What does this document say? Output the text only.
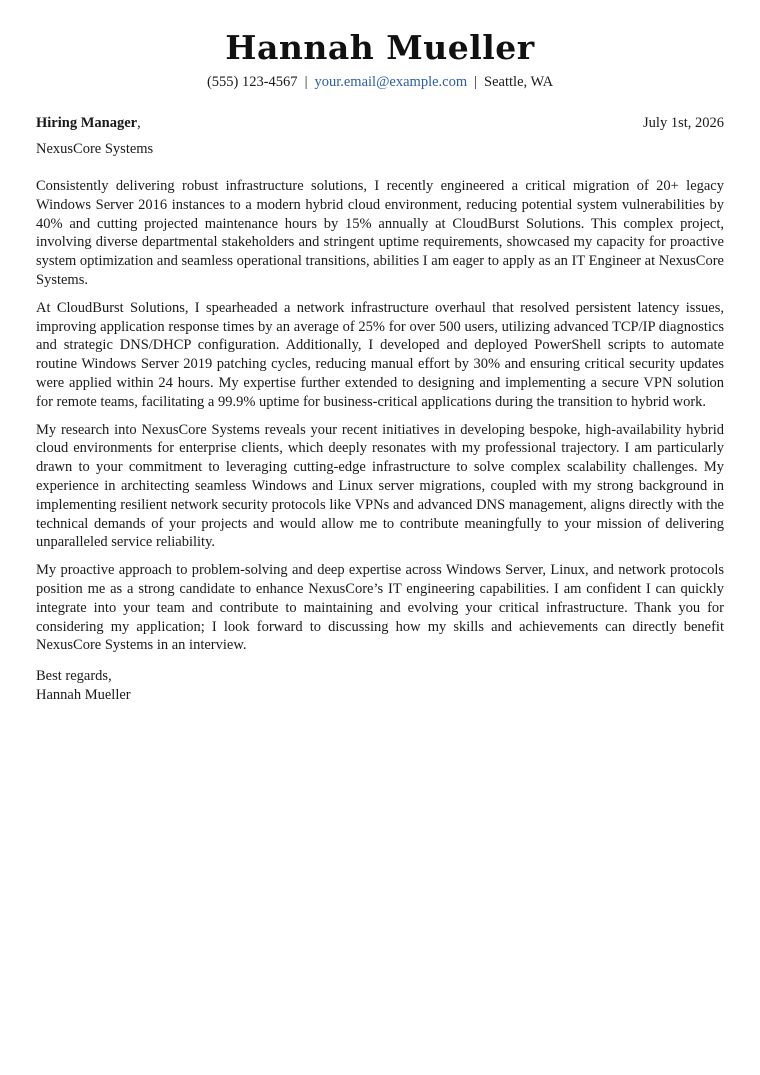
Hannah Mueller
(555) 123-4567 | your.email@example.com | Seattle, WA
Hiring Manager,	July 1st, 2026
NexusCore Systems

Consistently delivering robust infrastructure solutions, I recently engineered a critical migration of 20+ legacy Windows Server 2016 instances to a modern hybrid cloud environment, reducing potential system vulnerabilities by 40% and cutting projected maintenance hours by 15% annually at CloudBurst Solutions. This complex project, involving diverse departmental stakeholders and stringent uptime requirements, showcased my capacity for proactive system optimization and seamless operational transitions, abilities I am eager to apply as an IT Engineer at NexusCore Systems.

At CloudBurst Solutions, I spearheaded a network infrastructure overhaul that resolved persistent latency issues, improving application response times by an average of 25% for over 500 users, utilizing advanced TCP/IP diagnostics and strategic DNS/DHCP configuration. Additionally, I developed and deployed PowerShell scripts to automate routine Windows Server 2019 patching cycles, reducing manual effort by 30% and ensuring critical security updates were applied within 24 hours. My expertise further extended to designing and implementing a secure VPN solution for remote teams, facilitating a 99.9% uptime for business-critical applications during the transition to hybrid work.

My research into NexusCore Systems reveals your recent initiatives in developing bespoke, high-availability hybrid cloud environments for enterprise clients, which deeply resonates with my professional trajectory. I am particularly drawn to your commitment to leveraging cutting-edge infrastructure to solve complex scalability challenges. My experience in architecting seamless Windows and Linux server migrations, coupled with my strong background in implementing resilient network security protocols like VPNs and advanced DNS management, aligns directly with the technical demands of your projects and would allow me to contribute meaningfully to your mission of delivering unparalleled service reliability.

My proactive approach to problem-solving and deep expertise across Windows Server, Linux, and network protocols position me as a strong candidate to enhance NexusCore’s IT engineering capabilities. I am confident I can quickly integrate into your team and contribute to maintaining and evolving your critical infrastructure. Thank you for considering my application; I look forward to discussing how my skills and achievements can directly benefit NexusCore Systems in an interview.

Best regards,
Hannah Mueller
